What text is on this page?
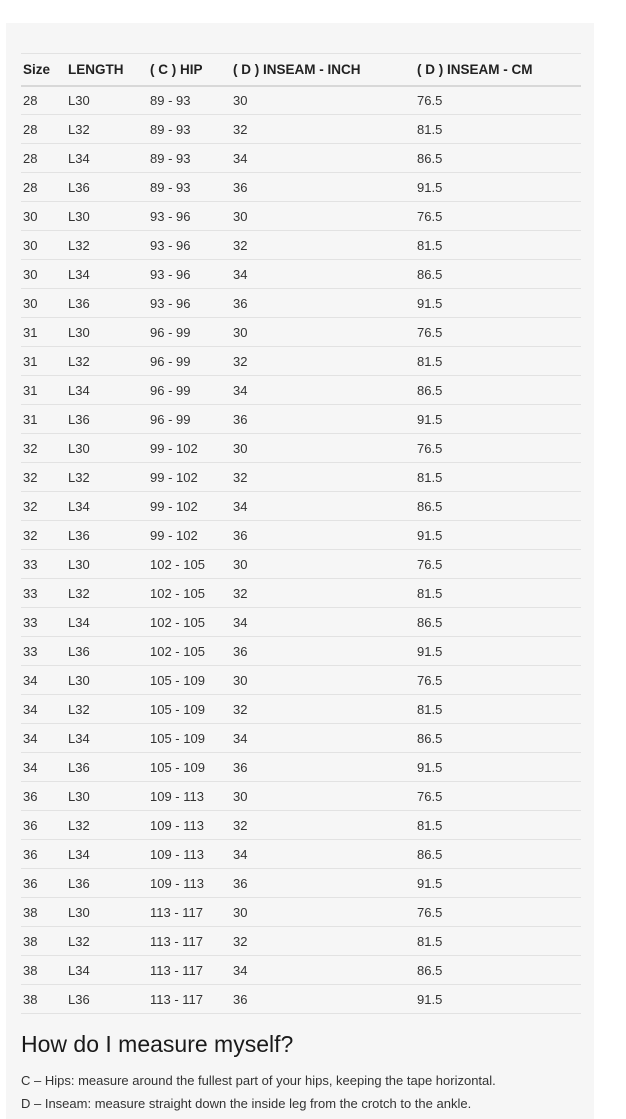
Size	LENGTH	( C ) HIP	( D ) INSEAM - INCH	( D ) INSEAM - CM
28	L30	89 - 93	30	76.5
28	L32	89 - 93	32	81.5
28	L34	89 - 93	34	86.5
28	L36	89 - 93	36	91.5
30	L30	93 - 96	30	76.5
30	L32	93 - 96	32	81.5
30	L34	93 - 96	34	86.5
30	L36	93 - 96	36	91.5
31	L30	96 - 99	30	76.5
31	L32	96 - 99	32	81.5
31	L34	96 - 99	34	86.5
31	L36	96 - 99	36	91.5
32	L30	99 - 102	30	76.5
32	L32	99 - 102	32	81.5
32	L34	99 - 102	34	86.5
32	L36	99 - 102	36	91.5
33	L30	102 - 105	30	76.5
33	L32	102 - 105	32	81.5
33	L34	102 - 105	34	86.5
33	L36	102 - 105	36	91.5
34	L30	105 - 109	30	76.5
34	L32	105 - 109	32	81.5
34	L34	105 - 109	34	86.5
34	L36	105 - 109	36	91.5
36	L30	109 - 113	30	76.5
36	L32	109 - 113	32	81.5
36	L34	109 - 113	34	86.5
36	L36	109 - 113	36	91.5
38	L30	113 - 117	30	76.5
38	L32	113 - 117	32	81.5
38	L34	113 - 117	34	86.5
38	L36	113 - 117	36	91.5
How do I measure myself?

C – Hips: measure around the fullest part of your hips, keeping the tape horizontal.

D – Inseam: measure straight down the inside leg from the crotch to the ankle.
